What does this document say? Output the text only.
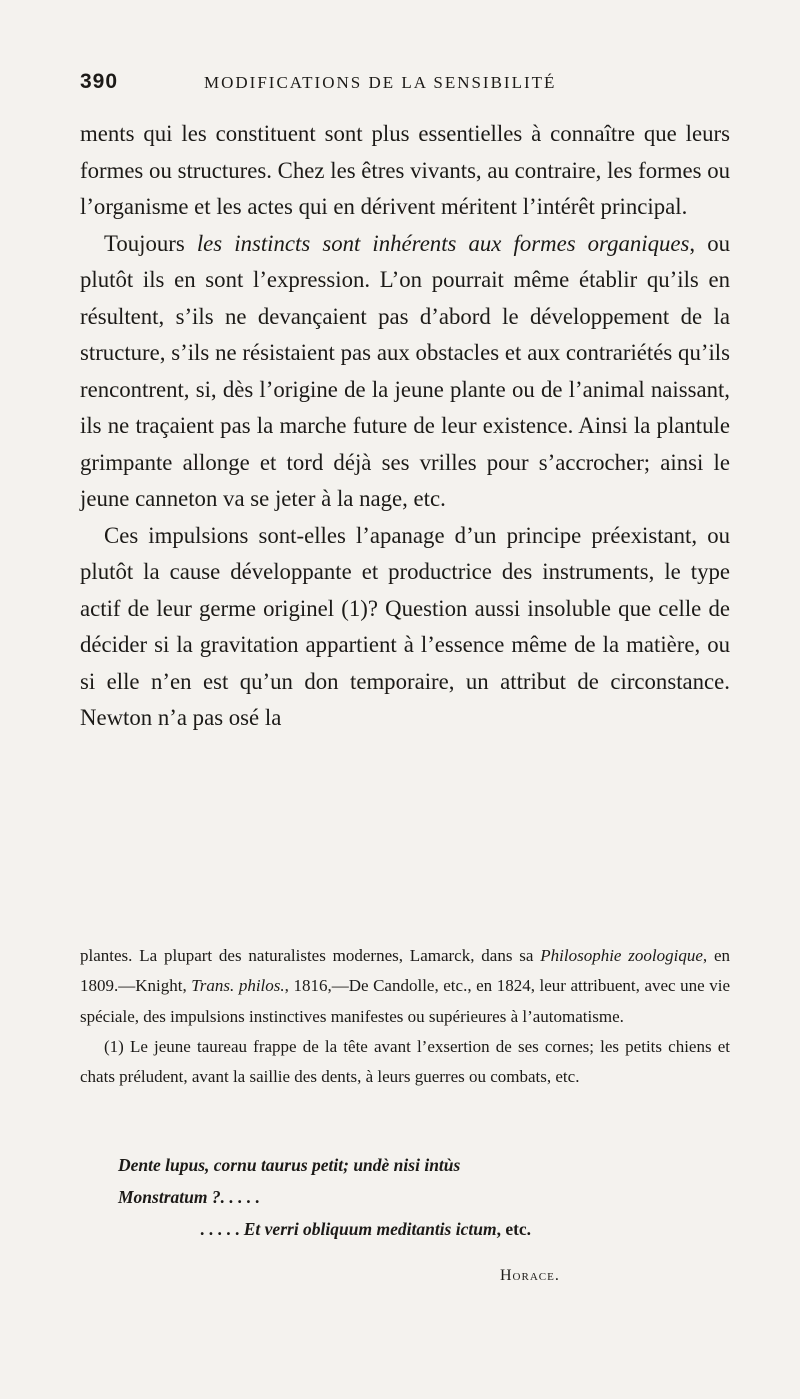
390	MODIFICATIONS DE LA SENSIBILITÉ

ments qui les constituent sont plus essentielles à connaître que leurs formes ou structures. Chez les êtres vivants, au contraire, les formes ou l’organisme et les actes qui en dérivent méritent l’intérêt principal.

Toujours les instincts sont inhérents aux formes organiques, ou plutôt ils en sont l’expression. L’on pourrait même établir qu’ils en résultent, s’ils ne devançaient pas d’abord le développement de la structure, s’ils ne résistaient pas aux obstacles et aux contrariétés qu’ils rencontrent, si, dès l’origine de la jeune plante ou de l’animal naissant, ils ne traçaient pas la marche future de leur existence. Ainsi la plantule grimpante allonge et tord déjà ses vrilles pour s’accrocher; ainsi le jeune canneton va se jeter à la nage, etc.

Ces impulsions sont-elles l’apanage d’un principe préexistant, ou plutôt la cause développante et productrice des instruments, le type actif de leur germe originel (1)? Question aussi insoluble que celle de décider si la gravitation appartient à l’essence même de la matière, ou si elle n’en est qu’un don temporaire, un attribut de circonstance. Newton n’a pas osé la

plantes. La plupart des naturalistes modernes, Lamarck, dans sa Philosophie zoologique, en 1809.—Knight, Trans. philos., 1816,—De Candolle, etc., en 1824, leur attribuent, avec une vie spéciale, des impulsions instinctives manifestes ou supérieures à l’automatisme.

(1) Le jeune taureau frappe de la tête avant l’exsertion de ses cornes; les petits chiens et chats préludent, avant la saillie des dents, à leurs guerres ou combats, etc.

Dente lupus, cornu taurus petit; undè nisi intùs
Monstratum ?. . . . .
. . . . . Et verri obliquum meditantis ictum, etc.
Horace.
